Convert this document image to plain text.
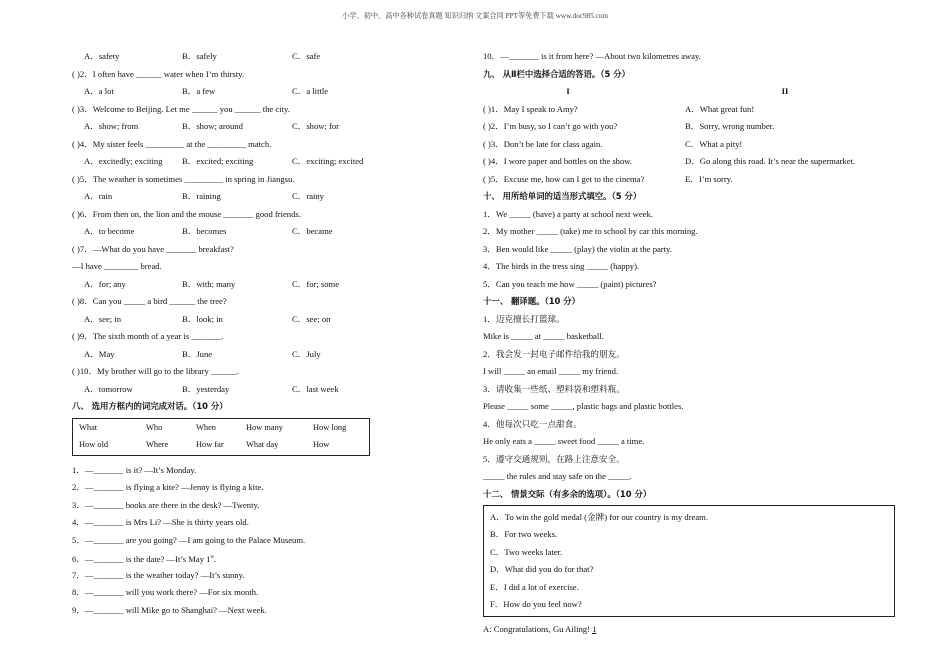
小学、初中、高中各种试卷真题 知识归纳 文案合同 PPT等免费下载 www.doc985.com
A．safety	B．safely	C．safe
( )2．I often have ______ water when I’m thirsty.
A．a lot	B．a few	C．a little
( )3．Welcome to Beijing. Let me ______ you ______ the city.
A．show; from	B．show; around	C．show; for
( )4．My sister feels _________ at the _________ match.
A．excitedly; exciting	B．excited; exciting	C．exciting; excited
( )5．The weather is sometimes _________ in spring in Jiangsu.
A．rain	B．raining	C．rainy
( )6．From then on, the lion and the mouse _______ good friends.
A．to become	B．becomes	C．became
( )7．—What do you have _______ breakfast?
—I have ________ bread.
A．for; any	B．with; many	C．for; some
( )8．Can you _____ a bird ______ the tree?
A．see; in	B．look; in	C．see; on
( )9．The sixth month of a year is _______.
A．May	B．June	C．July
( )10．My brother will go to the library ______.
A．tomorrow	B．yesterday	C．last week
八、 选用方框内的词完成对话。（10 分）
What	Who	When	How many	How long
How old	Where	How far	What day	How
1．—_______ is it? —It’s Monday.
2．—_______ is flying a kite? —Jenny is flying a kite.
3．—_______ books are there in the desk? —Twenty.
4．—_______ is Mrs Li? —She is thirty years old.
5．—_______ are you going? —I am going to the Palace Museum.
6．—_______ is the date? —It’s May 1st.
7．—_______ is the weather today? —It’s sunny.
8．—_______ will you work there? —For six month.
9．—_______ will Mike go to Shanghai? —Next week.
10．—_______ is it from here? —About two kilometres away.
九、 从Ⅱ栏中选择合适的答语。（5 分）
I	II
( )1．May I speak to Amy?	A．What great fun!
( )2．I’m busy, so I can’t go with you?	B．Sorry, wrong number.
( )3．Don’t be late for class again.	C．What a pity!
( )4．I wore paper and bottles on the show.	D．Go along this road. It’s near the supermarket.
( )5．Excuse me, how can I get to the cinema?	E．I’m sorry.
十、 用所给单词的适当形式填空。（5 分）
1．We _____ (have) a party at school next week.
2．My mother _____ (take) me to school by car this morning.
3．Ben would like _____ (play) the violin at the party.
4．The birds in the tress sing _____ (happy).
5．Can you teach me how _____ (paint) pictures?
十一、 翻译题。（10 分）
1．迈克擅长打篮球。
Mike is _____ at _____ basketball.
2．我会发一封电子邮件给我的朋友。
I will _____ an email _____ my friend.
3．请收集一些纸、塑料袋和塑料瓶。
Please _____ some _____, plastic bags and plastic bottles.
4．他每次只吃一点甜食。
He only eats a _____ sweet food _____ a time.
5．遵守交通规则，在路上注意安全。
_____ the rules and stay safe on the _____.
十二、 情景交际（有多余的选项）。（10 分）
A．To win the gold medal (金牌) for our country is my dream.
B．For two weeks.
C．Two weeks later.
D．What did you do for that?
E．I did a lot of exercise.
F．How do you feel now?
A: Congratulations, Gu Ailing! 1
